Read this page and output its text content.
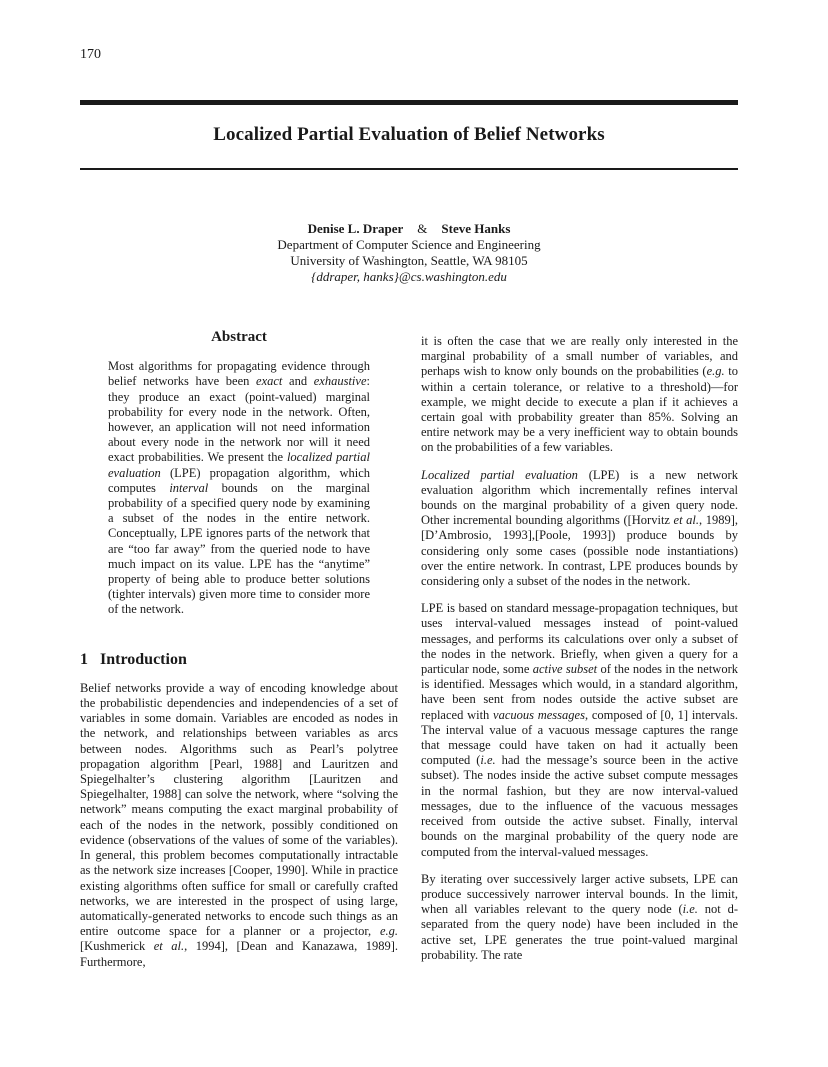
170
Localized Partial Evaluation of Belief Networks
Denise L. Draper & Steve Hanks
Department of Computer Science and Engineering
University of Washington, Seattle, WA 98105
{ddraper, hanks}@cs.washington.edu
Abstract
Most algorithms for propagating evidence through belief networks have been exact and exhaustive: they produce an exact (point-valued) marginal probability for every node in the network. Often, however, an application will not need information about every node in the network nor will it need exact probabilities. We present the localized partial evaluation (LPE) propagation algorithm, which computes interval bounds on the marginal probability of a specified query node by examining a subset of the nodes in the entire network. Conceptually, LPE ignores parts of the network that are “too far away” from the queried node to have much impact on its value. LPE has the “anytime” property of being able to produce better solutions (tighter intervals) given more time to consider more of the network.
1 Introduction

Belief networks provide a way of encoding knowledge about the probabilistic dependencies and independencies of a set of variables in some domain. Variables are encoded as nodes in the network, and relationships between variables as arcs between nodes. Algorithms such as Pearl’s polytree propagation algorithm [Pearl, 1988] and Lauritzen and Spiegelhalter’s clustering algorithm [Lauritzen and Spiegelhalter, 1988] can solve the network, where “solving the network” means computing the exact marginal probability of each of the nodes in the network, possibly conditioned on evidence (observations of the values of some of the variables). In general, this problem becomes computationally intractable as the network size increases [Cooper, 1990]. While in practice existing algorithms often suffice for small or carefully crafted networks, we are interested in the prospect of using large, automatically-generated networks to encode such things as an entire outcome space for a planner or a projector, e.g. [Kushmerick et al., 1994], [Dean and Kanazawa, 1989]. Furthermore,

it is often the case that we are really only interested in the marginal probability of a small number of variables, and perhaps wish to know only bounds on the probabilities (e.g. to within a certain tolerance, or relative to a threshold)—for example, we might decide to execute a plan if it achieves a certain goal with probability greater than 85%. Solving an entire network may be a very inefficient way to obtain bounds on the probabilities of a few variables.

Localized partial evaluation (LPE) is a new network evaluation algorithm which incrementally refines interval bounds on the marginal probability of a given query node. Other incremental bounding algorithms ([Horvitz et al., 1989], [D’Ambrosio, 1993],[Poole, 1993]) produce bounds by considering only some cases (possible node instantiations) over the entire network. In contrast, LPE produces bounds by considering only a subset of the nodes in the network.

LPE is based on standard message-propagation techniques, but uses interval-valued messages instead of point-valued messages, and performs its calculations over only a subset of the nodes in the network. Briefly, when given a query for a particular node, some active subset of the nodes in the network is identified. Messages which would, in a standard algorithm, have been sent from nodes outside the active subset are replaced with vacuous messages, composed of [0, 1] intervals. The interval value of a vacuous message captures the range that message could have taken on had it actually been computed (i.e. had the message’s source been in the active subset). The nodes inside the active subset compute messages in the normal fashion, but they are now interval-valued messages, due to the influence of the vacuous messages received from outside the active subset. Finally, interval bounds on the marginal probability of the query node are computed from the interval-valued messages.

By iterating over successively larger active subsets, LPE can produce successively narrower interval bounds. In the limit, when all variables relevant to the query node (i.e. not d-separated from the query node) have been included in the active set, LPE generates the true point-valued marginal probability. The rate
